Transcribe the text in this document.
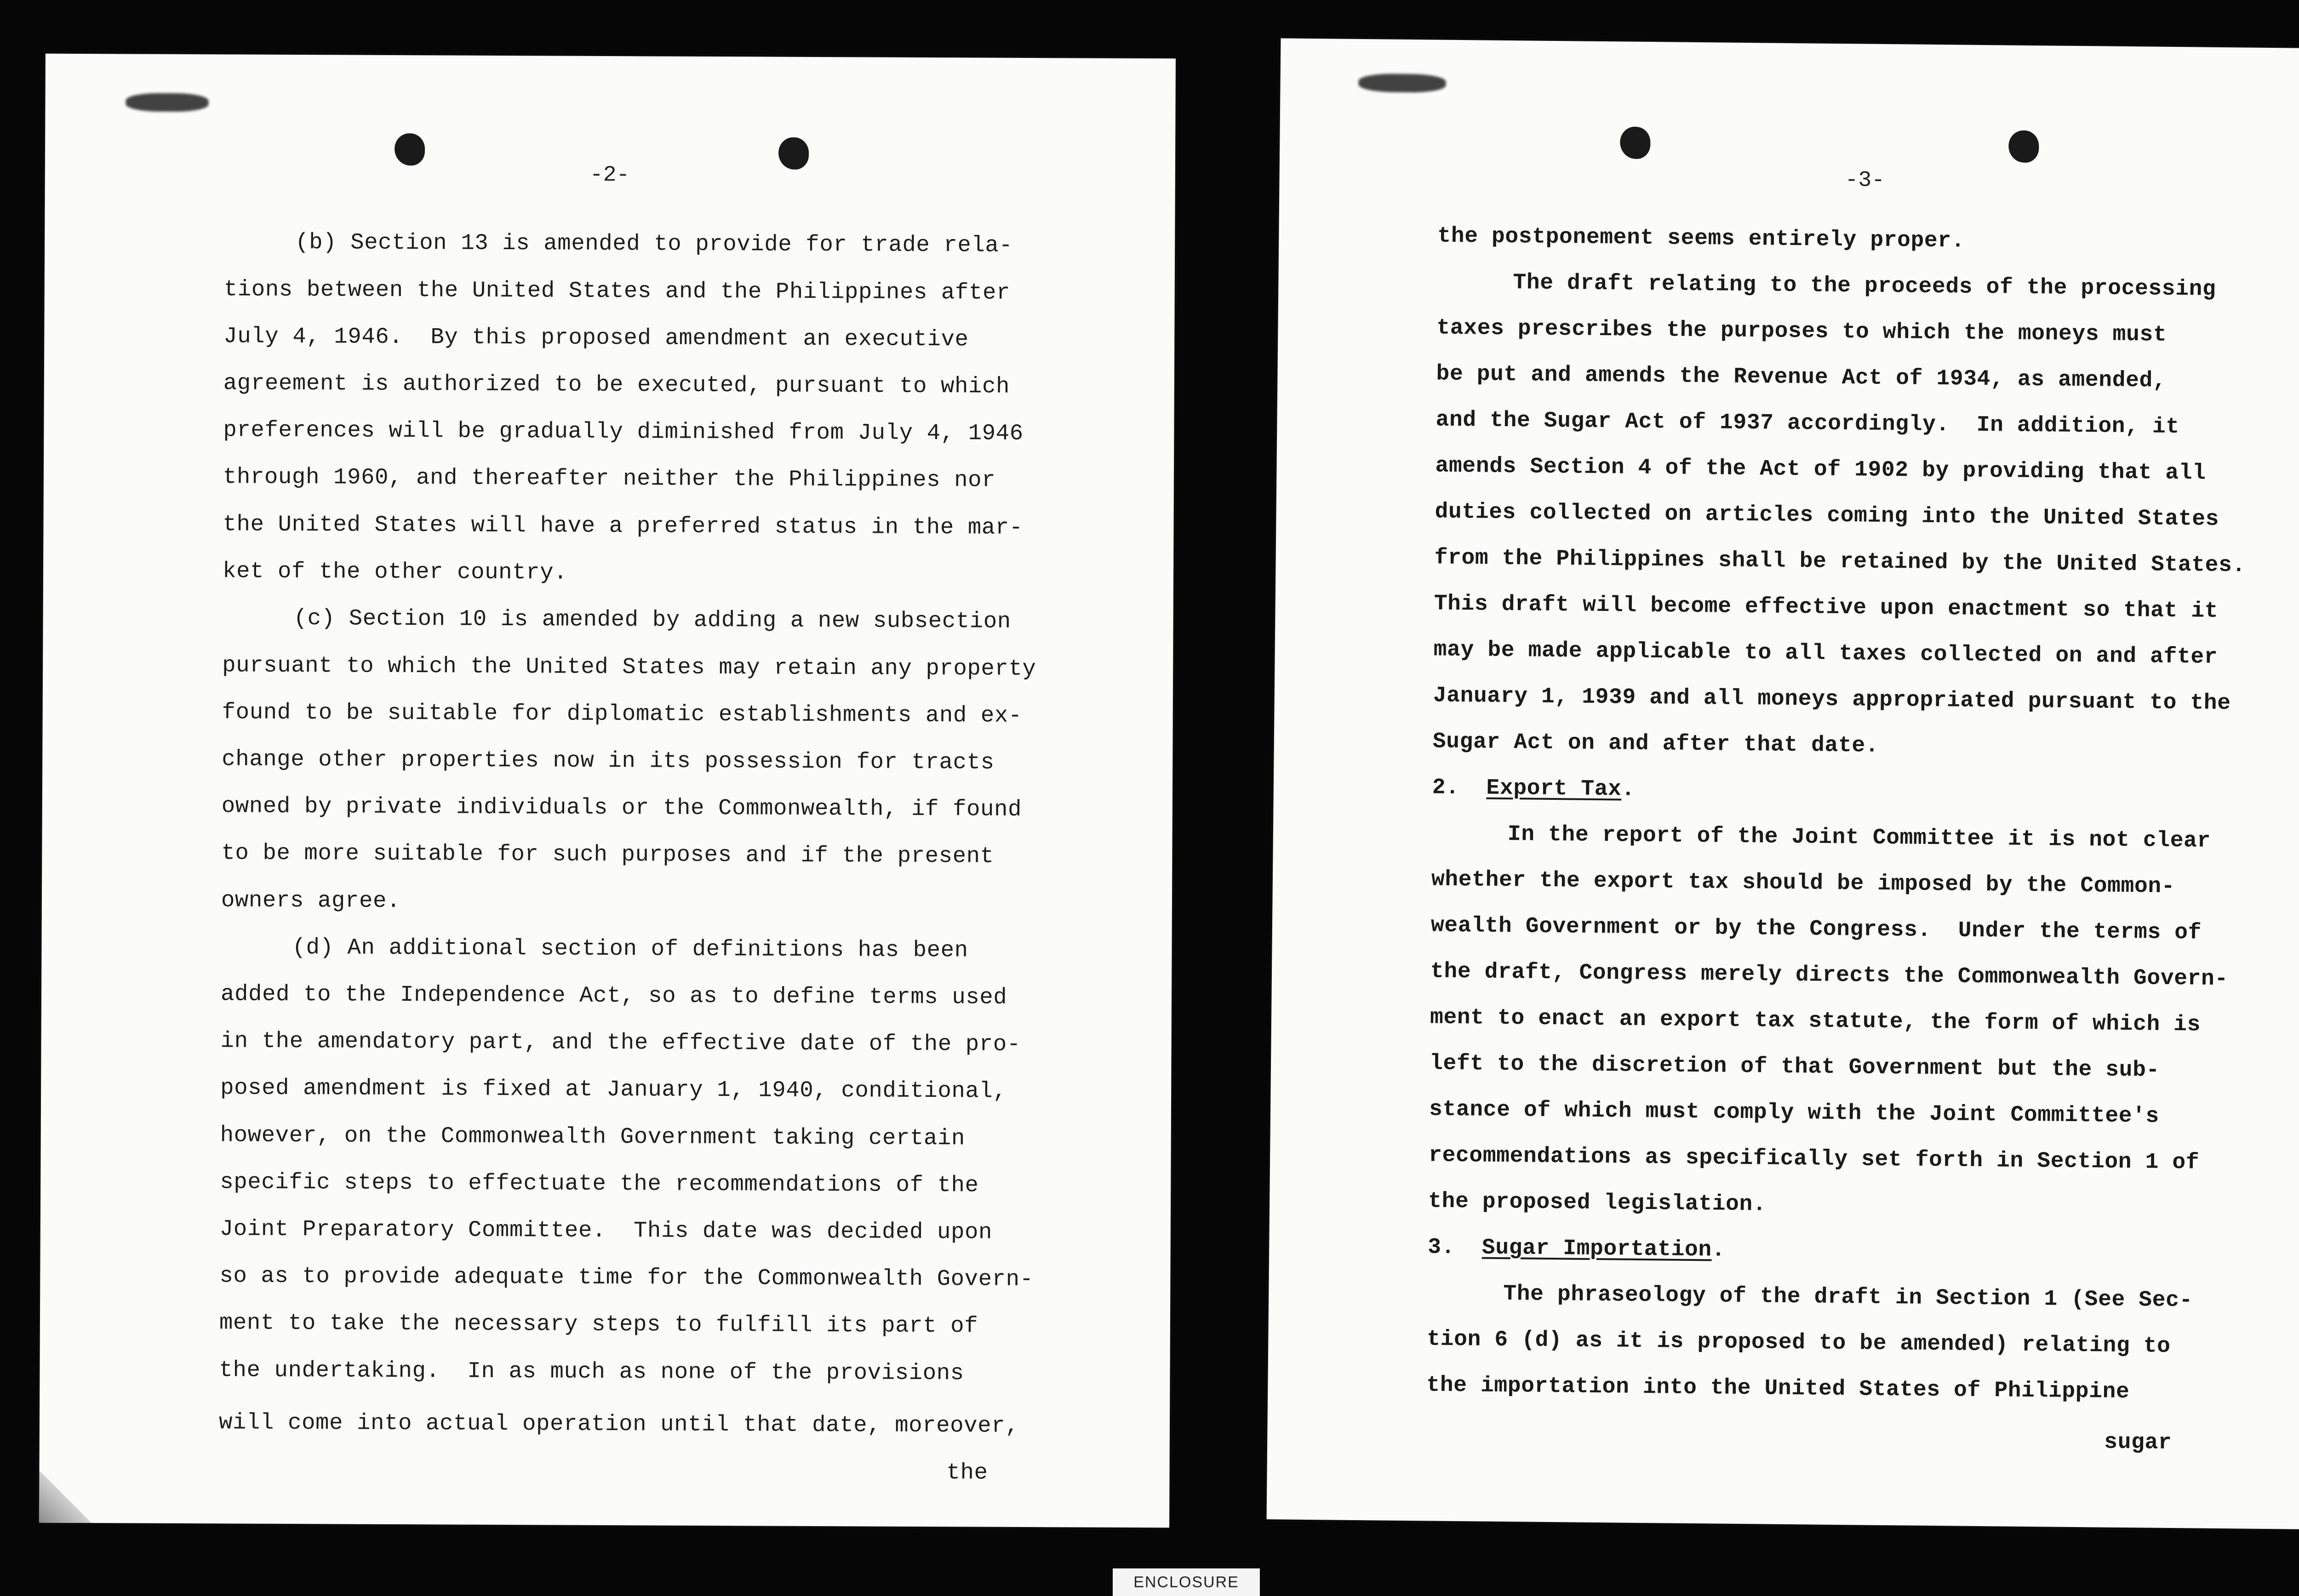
-2-
(b) Section 13 is amended to provide for trade rela-
tions between the United States and the Philippines after
July 4, 1946.  By this proposed amendment an executive
agreement is authorized to be executed, pursuant to which
preferences will be gradually diminished from July 4, 1946
through 1960, and thereafter neither the Philippines nor
the United States will have a preferred status in the mar-
ket of the other country.
(c) Section 10 is amended by adding a new subsection
pursuant to which the United States may retain any property
found to be suitable for diplomatic establishments and ex-
change other properties now in its possession for tracts
owned by private individuals or the Commonwealth, if found
to be more suitable for such purposes and if the present
owners agree.
(d) An additional section of definitions has been
added to the Independence Act, so as to define terms used
in the amendatory part, and the effective date of the pro-
posed amendment is fixed at January 1, 1940, conditional,
however, on the Commonwealth Government taking certain
specific steps to effectuate the recommendations of the
Joint Preparatory Committee.  This date was decided upon
so as to provide adequate time for the Commonwealth Govern-
ment to take the necessary steps to fulfill its part of
the undertaking.  In as much as none of the provisions
will come into actual operation until that date, moreover,
the
-3-
the postponement seems entirely proper.
The draft relating to the proceeds of the processing
taxes prescribes the purposes to which the moneys must
be put and amends the Revenue Act of 1934, as amended,
and the Sugar Act of 1937 accordingly.  In addition, it
amends Section 4 of the Act of 1902 by providing that all
duties collected on articles coming into the United States
from the Philippines shall be retained by the United States.
This draft will become effective upon enactment so that it
may be made applicable to all taxes collected on and after
January 1, 1939 and all moneys appropriated pursuant to the
Sugar Act on and after that date.
2. Export Tax.
In the report of the Joint Committee it is not clear
whether the export tax should be imposed by the Common-
wealth Government or by the Congress.  Under the terms of
the draft, Congress merely directs the Commonwealth Govern-
ment to enact an export tax statute, the form of which is
left to the discretion of that Government but the sub-
stance of which must comply with the Joint Committee's
recommendations as specifically set forth in Section 1 of
the proposed legislation.
3. Sugar Importation.
The phraseology of the draft in Section 1 (See Sec-
tion 6 (d) as it is proposed to be amended) relating to
the importation into the United States of Philippine
sugar
ENCLOSURE
